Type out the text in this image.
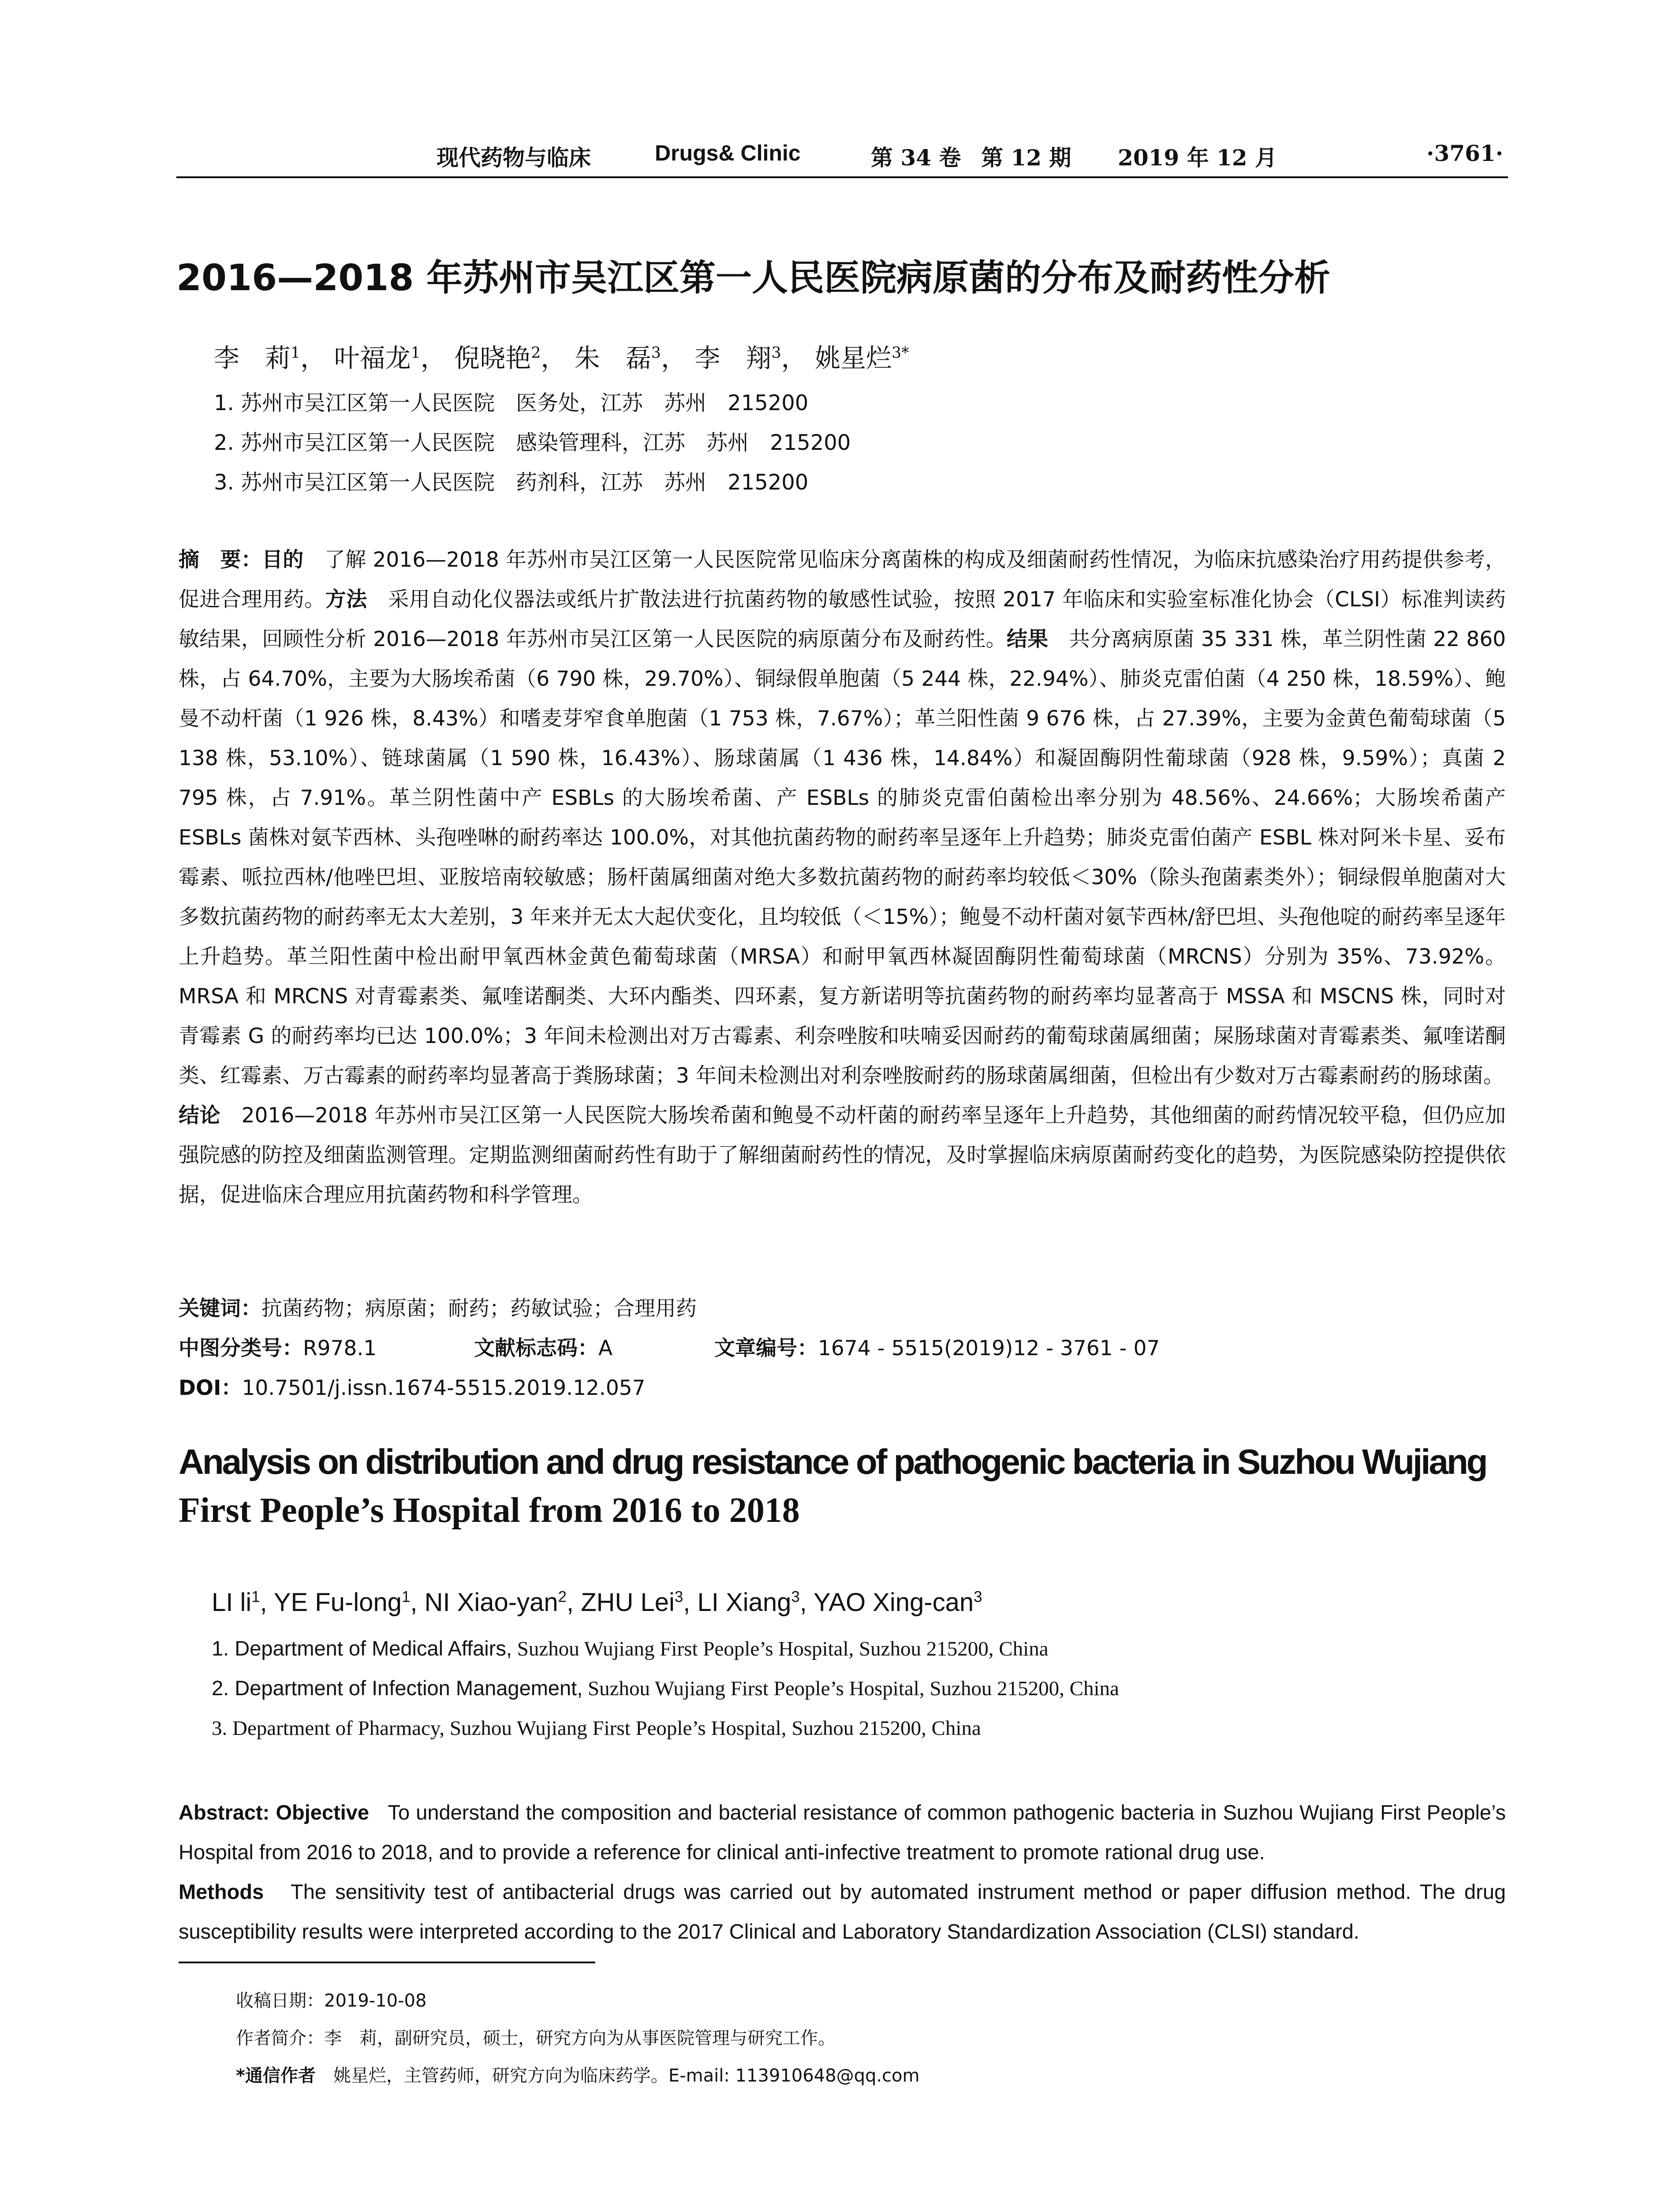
现代药物与临床	Drugs& Clinic	第 34 卷 第 12 期 2019 年 12 月	·3761·
2016—2018 年苏州市吴江区第一人民医院病原菌的分布及耐药性分析
李　莉$^1$， 叶福龙$^1$， 倪晓艳$^2$， 朱　磊$^3$， 李　翔$^3$， 姚星烂$^{3*}$
1. 苏州市吴江区第一人民医院　医务处，江苏　苏州　215200
2. 苏州市吴江区第一人民医院　感染管理科，江苏　苏州　215200
3. 苏州市吴江区第一人民医院　药剂科，江苏　苏州　215200
摘　要：目的　 了解 2016—2018 年苏州市吴江区第一人民医院常见临床分离菌株的构成及细菌耐药性情况，为临床抗感染治疗用药提供参考，促进合理用药。方法　 采用自动化仪器法或纸片扩散法进行抗菌药物的敏感性试验，按照 2017 年临床和实验室标准化协会（CLSI）标准判读药敏结果，回顾性分析 2016—2018 年苏州市吴江区第一人民医院的病原菌分布及耐药性。结果　 共分离病原菌 35 331 株，革兰阴性菌 22 860 株，占 64.70%，主要为大肠埃希菌（6 790 株，29.70%）、铜绿假单胞菌（5 244 株，22.94%）、肺炎克雷伯菌（4 250 株，18.59%）、鲍曼不动杆菌（1 926 株，8.43%）和嗜麦芽窄食单胞菌（1 753 株，7.67%）；革兰阳性菌 9 676 株，占 27.39%，主要为金黄色葡萄球菌（5 138 株，53.10%）、链球菌属（1 590 株，16.43%）、肠球菌属（1 436 株，14.84%）和凝固酶阴性葡球菌（928 株，9.59%）；真菌 2 795 株，占 7.91%。革兰阴性菌中产 ESBLs 的大肠埃希菌、产 ESBLs 的肺炎克雷伯菌检出率分别为 48.56%、24.66%；大肠埃希菌产 ESBLs 菌株对氨苄西林、头孢唑啉的耐药率达 100.0%，对其他抗菌药物的耐药率呈逐年上升趋势；肺炎克雷伯菌产 ESBL 株对阿米卡星、妥布霉素、哌拉西林/他唑巴坦、亚胺培南较敏感；肠杆菌属细菌对绝大多数抗菌药物的耐药率均较低＜30%（除头孢菌素类外）；铜绿假单胞菌对大多数抗菌药物的耐药率无太大差别，3 年来并无太大起伏变化，且均较低（＜15%）；鲍曼不动杆菌对氨苄西林/舒巴坦、头孢他啶的耐药率呈逐年上升趋势。革兰阳性菌中检出耐甲氧西林金黄色葡萄球菌（MRSA）和耐甲氧西林凝固酶阴性葡萄球菌（MRCNS）分别为 35%、73.92%。MRSA 和 MRCNS 对青霉素类、氟喹诺酮类、大环内酯类、四环素，复方新诺明等抗菌药物的耐药率均显著高于 MSSA 和 MSCNS 株，同时对青霉素 G 的耐药率均已达 100.0%；3 年间未检测出对万古霉素、利奈唑胺和呋喃妥因耐药的葡萄球菌属细菌；屎肠球菌对青霉素类、氟喹诺酮类、红霉素、万古霉素的耐药率均显著高于粪肠球菌；3 年间未检测出对利奈唑胺耐药的肠球菌属细菌，但检出有少数对万古霉素耐药的肠球菌。
结论　 2016—2018 年苏州市吴江区第一人民医院大肠埃希菌和鲍曼不动杆菌的耐药率呈逐年上升趋势，其他细菌的耐药情况较平稳，但仍应加强院感的防控及细菌监测管理。定期监测细菌耐药性有助于了解细菌耐药性的情况，及时掌握临床病原菌耐药变化的趋势，为医院感染防控提供依据，促进临床合理应用抗菌药物和科学管理。
关键词：抗菌药物；病原菌；耐药；药敏试验；合理用药
中图分类号：R978.1	文献标志码：A	文章编号：1674 - 5515(2019)12 - 3761 - 07
DOI：10.7501/j.issn.1674-5515.2019.12.057
Analysis on distribution and drug resistance of pathogenic bacteria in Suzhou Wujiang
First People’s Hospital from 2016 to 2018
LI $li^1$, YE Fu-long$^1$, NI Xiao-yan$^2$, ZHU Lei$^3$, LI Xiang$^3$, YAO Xing-can$^3$
1. Department of Medical Affairs, Suzhou Wujiang First People’s Hospital, Suzhou 215200, China
2. Department of Infection Management, Suzhou Wujiang First People’s Hospital, Suzhou 215200, China
3. Department of Pharmacy, Suzhou Wujiang First People’s Hospital, Suzhou 215200, China
Abstract: Objective To understand the composition and bacterial resistance of common pathogenic bacteria in Suzhou Wujiang First People’s Hospital from 2016 to 2018, and to provide a reference for clinical anti-infective treatment to promote rational drug use.
Methods The sensitivity test of antibacterial drugs was carried out by automated instrument method or paper diffusion method. The drug susceptibility results were interpreted according to the 2017 Clinical and Laboratory Standardization Association (CLSI) standard.
收稿日期：2019-10-08
作者简介：李　莉，副研究员，硕士，研究方向为从事医院管理与研究工作。
*通信作者　姚星烂，主管药师，研究方向为临床药学。E-mail: 113910648@qq.com
